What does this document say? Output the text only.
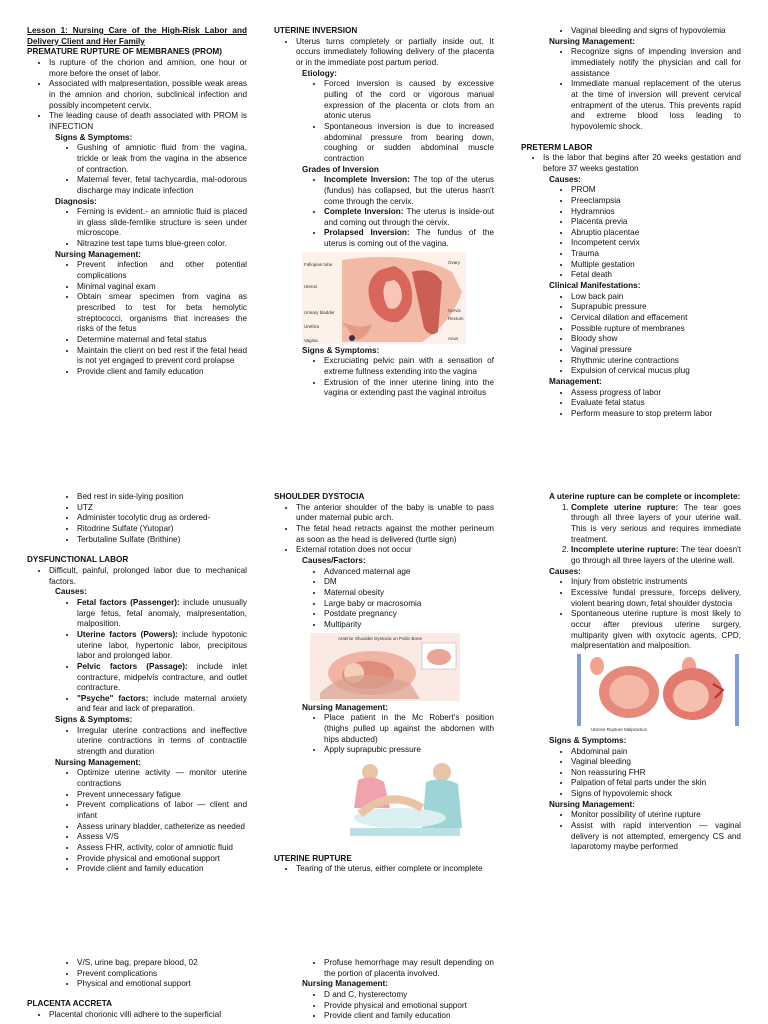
Lesson 1: Nursing Care of the High-Risk Labor and Delivery Client and Her Family

PREMATURE RUPTURE OF MEMBRANES (PROM)

• Is rupture of the chorion and amnion, one hour or more before the onset of labor.
• Associated with malpresentation, possible weak areas in the amnion and chorion, subclinical infection and possibly incompetent cervix.
• The leading cause of death associated with PROM is INFECTION

Signs & Symptoms:

• Gushing of amniotic fluid from the vagina, trickle or leak from the vagina in the absence of contraction.
• Maternal fever, fetal tachycardia, mal-odorous discharge may indicate infection

Diagnosis:

• Ferning is evident.- an amniotic fluid is placed in glass slide-fernlike structure is seen under microscope.
• Nitrazine test tape turns blue-green color.

Nursing Management:

• Prevent infection and other potential complications
• Minimal vaginal exam
• Obtain smear specimen from vagina as prescribed to test for beta hemolytic streptococci, organisms that increases the risks of the fetus
• Determine maternal and fetal status
• Maintain the client on bed rest if the fetal head is not yet engaged to prevent cord prolapse
• Provide client and family education

UTERINE INVERSION

• Uterus turns completely or partially inside out. It occurs immediately following delivery of the placenta or in the immediate post partum period.

Etiology:

• Forced inversion is caused by excessive pulling of the cord or vigorous manual expression of the placenta or clots from an atonic uterus
• Spontaneous inversion is due to increased abdominal pressure from bearing down, coughing or sudden abdominal muscle contraction

Grades of Inversion

• Incomplete Inversion: The top of the uterus (fundus) has collapsed, but the uterus hasn't come through the cervix.
• Complete Inversion: The uterus is inside-out and coming out through the cervix.
• Prolapsed Inversion: The fundus of the uterus is coming out of the vagina.
Fallopian tube
Uterus
Urinary bladder
Urethra
Vagina
Ovary
Cervix
Rectum
Anus

Signs & Symptoms:

• Excruciating pelvic pain with a sensation of extreme fullness extending into the vagina
• Extrusion of the inner uterine lining into the vagina or extending past the vaginal introitus
• Vaginal bleeding and signs of hypovolemia

Nursing Management:

• Recognize signs of impending inversion and immediately notify the physician and call for assistance
• Immediate manual replacement of the uterus at the time of inversion will prevent cervical entrapment of the uterus. This prevents rapid and extreme blood loss leading to hypovolemic shock.

PRETERM LABOR

• Is the labor that begins after 20 weeks gestation and before 37 weeks gestation

Causes:

• PROM
• Preeclampsia
• Hydramnios
• Placenta previa
• Abruptio placentae
• Incompetent cervix
• Trauma
• Multiple gestation
• Fetal death

Clinical Manifestations:

• Low back pain
• Suprapubic pressure
• Cervical dilation and effacement
• Possible rupture of membranes
• Bloody show
• Vaginal pressure
• Rhythmic uterine contractions
• Expulsion of cervical mucus plug

Management:

• Assess progress of labor
• Evaluate fetal status
• Perform measure to stop preterm labor
• Bed rest in side-lying position
• UTZ
• Administer tocolytic drug as ordered-
• Ritodrine Sulfate (Yutopar)
• Terbutaline Sulfate (Brithine)

DYSFUNCTIONAL LABOR

• Difficult, painful, prolonged labor due to mechanical factors.

Causes:

• Fetal factors (Passenger): include unusually large fetus, fetal anomaly, malpresentation, malposition.
• Uterine factors (Powers): include hypotonic uterine labor, hypertonic labor, precipitous labor and prolonged labor.
• Pelvic factors (Passage): include inlet contracture, midpelvis contracture, and outlet contracture.
• "Psyche" factors: include maternal anxiety and fear and lack of preparation.

Signs & Symptoms:

• Irregular uterine contractions and ineffective uterine contractions in terms of contractile strength and duration

Nursing Management:

• Optimize uterine activity — monitor uterine contractions
• Prevent unnecessary fatigue
• Prevent complications of labor — client and infant
• Assess urinary bladder, catheterize as needed
• Assess V/S
• Assess FHR, activity, color of amniotic fluid
• Provide physical and emotional support
• Provide client and family education

SHOULDER DYSTOCIA

• The anterior shoulder of the baby is unable to pass under maternal pubic arch.
• The fetal head retracts against the mother perineum as soon as the head is delivered (turtle sign)
• External rotation does not occur

Causes/Factors:

• Advanced maternal age
• DM
• Maternal obesity
• Large baby or macrosomia
• Postdate pregnancy
• Multiparity
Anterior Shoulder Dystocia on Pubic Bone

Nursing Management:

• Place patient in the Mc Robert's position (thighs pulled up against the abdomen with hips abducted)
• Apply suprapubic pressure

UTERINE RUPTURE

• Tearing of the uterus, either complete or incomplete

A uterine rupture can be complete or incomplete:

1. Complete uterine rupture: The tear goes through all three layers of your uterine wall. This is very serious and requires immediate treatment.
2. Incomplete uterine rupture: The tear doesn't go through all three layers of the uterine wall.

Causes:

• Injury from obstetric instruments
• Excessive fundal pressure, forceps delivery, violent bearing down, fetal shoulder dystocia
• Spontaneous uterine rupture is most likely to occur after previous uterine surgery, multiparity given with oxytocic agents, CPD, malpresentation and malposition.
Uterine Rupture Malpractice

Signs & Symptoms:

• Abdominal pain
• Vaginal bleeding
• Non reassuring FHR
• Palpation of fetal parts under the skin
• Signs of hypovolemic shock

Nursing Management:

• Monitor possibility of uterine rupture
• Assist with rapid intervention — vaginal delivery is not attempted, emergency CS and laparotomy maybe performed
• V/S, urine bag, prepare blood, 02
• Prevent complications
• Physical and emotional support

PLACENTA ACCRETA

• Placental chorionic villi adhere to the superficial
• Profuse hemorrhage may result depending on the portion of placenta involved.

Nursing Management:

• D and C, hysterectomy
• Provide physical and emotional support
• Provide client and family education
